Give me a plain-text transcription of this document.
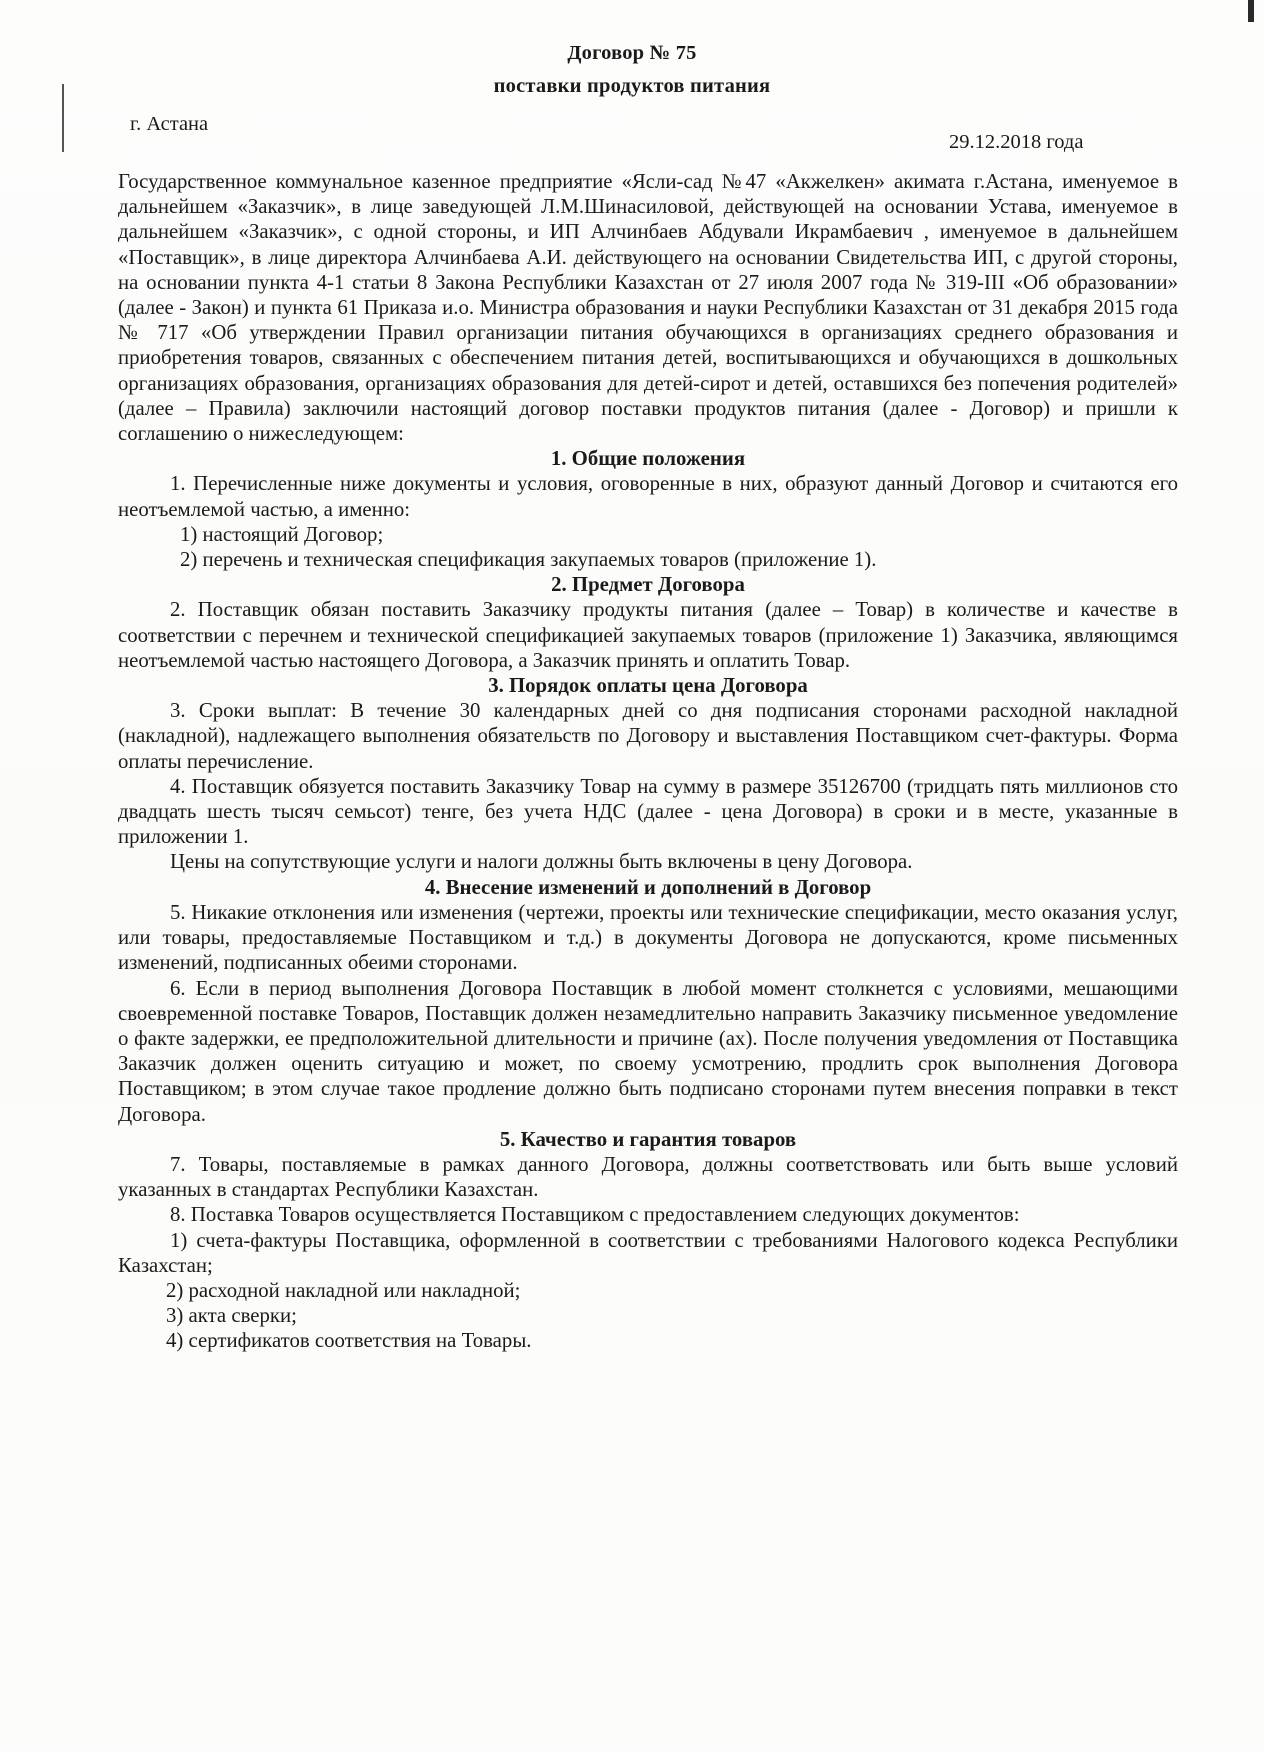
Договор № 75
поставки продуктов питания
г. Астана
29.12.2018 года

Государственное коммунальное казенное предприятие «Ясли-сад №47 «Акжелкен» акимата г.Астана, именуемое в дальнейшем «Заказчик», в лице заведующей Л.М.Шинасиловой, действующей на основании Устава, именуемое в дальнейшем «Заказчик», с одной стороны, и ИП Алчинбаев Абдували Икрамбаевич , именуемое в дальнейшем «Поставщик», в лице директора Алчинбаева А.И. действующего на основании Свидетельства ИП, с другой стороны, на основании пункта 4-1 статьи 8 Закона Республики Казахстан от 27 июля 2007 года № 319-III «Об образовании» (далее - Закон) и пункта 61 Приказа и.о. Министра образования и науки Республики Казахстан от 31 декабря 2015 года № 717 «Об утверждении Правил организации питания обучающихся в организациях среднего образования и приобретения товаров, связанных с обеспечением питания детей, воспитывающихся и обучающихся в дошкольных организациях образования, организациях образования для детей-сирот и детей, оставшихся без попечения родителей» (далее – Правила) заключили настоящий договор поставки продуктов питания (далее - Договор) и пришли к соглашению о нижеследующем:

1. Общие положения

1. Перечисленные ниже документы и условия, оговоренные в них, образуют данный Договор и считаются его неотъемлемой частью, а именно:

1) настоящий Договор;

2) перечень и техническая спецификация закупаемых товаров (приложение 1).

2. Предмет Договора

2. Поставщик обязан поставить Заказчику продукты питания (далее – Товар) в количестве и качестве в соответствии с перечнем и технической спецификацией закупаемых товаров (приложение 1) Заказчика, являющимся неотъемлемой частью настоящего Договора, а Заказчик принять и оплатить Товар.

3. Порядок оплаты цена Договора

3. Сроки выплат: В течение 30 календарных дней со дня подписания сторонами расходной накладной (накладной), надлежащего выполнения обязательств по Договору и выставления Поставщиком счет-фактуры. Форма оплаты перечисление.

4. Поставщик обязуется поставить Заказчику Товар на сумму в размере 35126700 (тридцать пять миллионов сто двадцать шесть тысяч семьсот) тенге, без учета НДС (далее - цена Договора) в сроки и в месте, указанные в приложении 1.

Цены на сопутствующие услуги и налоги должны быть включены в цену Договора.

4. Внесение изменений и дополнений в Договор

5. Никакие отклонения или изменения (чертежи, проекты или технические спецификации, место оказания услуг, или товары, предоставляемые Поставщиком и т.д.) в документы Договора не допускаются, кроме письменных изменений, подписанных обеими сторонами.

6. Если в период выполнения Договора Поставщик в любой момент столкнется с условиями, мешающими своевременной поставке Товаров, Поставщик должен незамедлительно направить Заказчику письменное уведомление о факте задержки, ее предположительной длительности и причине (ах). После получения уведомления от Поставщика Заказчик должен оценить ситуацию и может, по своему усмотрению, продлить срок выполнения Договора Поставщиком; в этом случае такое продление должно быть подписано сторонами путем внесения поправки в текст Договора.

5. Качество и гарантия товаров

7. Товары, поставляемые в рамках данного Договора, должны соответствовать или быть выше условий указанных в стандартах Республики Казахстан.

8. Поставка Товаров осуществляется Поставщиком с предоставлением следующих документов:

1) счета-фактуры Поставщика, оформленной в соответствии с требованиями Налогового кодекса Республики Казахстан;

2) расходной накладной или накладной;

3) акта сверки;

4) сертификатов соответствия на Товары.
